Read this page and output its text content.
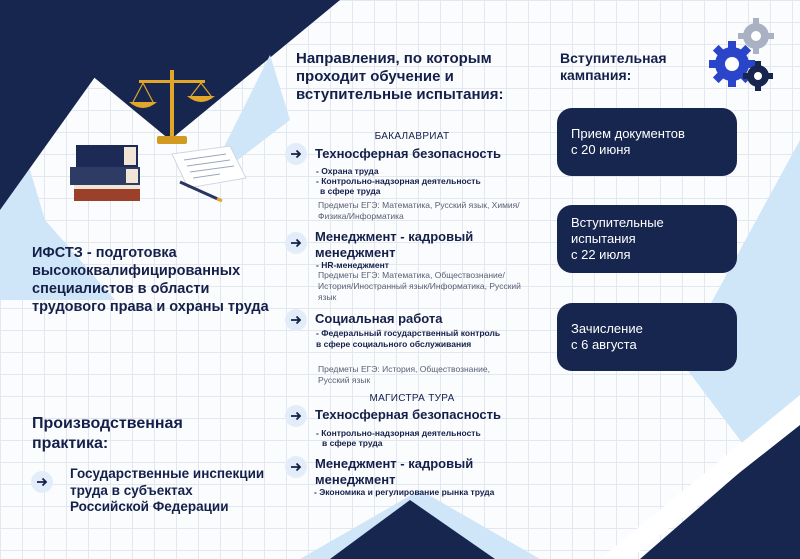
ИФСТЗ - подготовка высококвалифицированных специалистов в области трудового права и охраны труда
Производственная практика:
Государственные инспекции труда в субъектах Российской Федерации
Направления, по которым проходит обучение и вступительные испытания:
БАКАЛАВРИАТ
Техносферная безопасность
- Охрана труда
- Контрольно-надзорная деятельность
в сфере труда
Предметы ЕГЭ: Математика, Русский язык, Химия/Физика/Информатика
Менеджмент - кадровый
менеджмент
- HR-менеджмент
Предметы ЕГЭ: Математика, Обществознание/История/Иностранный язык/Информатика, Русский язык
Социальная работа
- Федеральный государственный контроль в сфере социального обслуживания
Предметы ЕГЭ: История, Обществознание, Русский язык
МАГИСТРА ТУРА
Техносферная безопасность
- Контрольно-надзорная деятельность
в сфере труда
Менеджмент - кадровый
менеджмент
- Экономика и регулирование рынка труда
Вступительная кампания:
Прием документов
с 20 июня
Вступительные
испытания
с 22 июля
Зачисление
с 6 августа
